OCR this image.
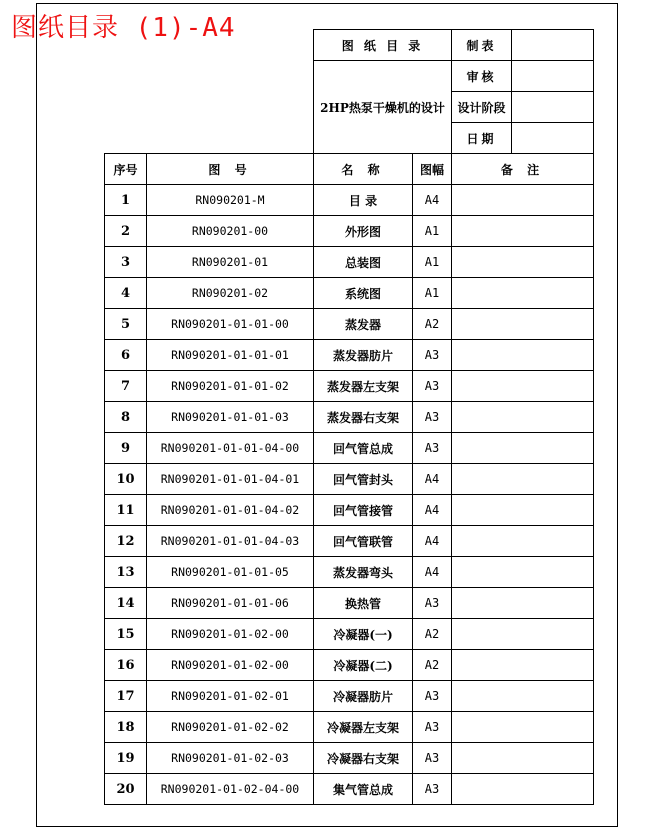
图纸目录 (1)-A4
		图 纸 目 录		制表	
		2HP热泵干燥机的设计		审核	
				设计阶段	
				日期	
序号	图 号	名 称	图幅	备 注	
1	RN090201-M	目 录	A4		
2	RN090201-00	外形图	A1		
3	RN090201-01	总装图	A1		
4	RN090201-02	系统图	A1		
5	RN090201-01-01-00	蒸发器	A2		
6	RN090201-01-01-01	蒸发器肪片	A3		
7	RN090201-01-01-02	蒸发器左支架	A3		
8	RN090201-01-01-03	蒸发器右支架	A3		
9	RN090201-01-01-04-00	回气管总成	A3		
10	RN090201-01-01-04-01	回气管封头	A4		
11	RN090201-01-01-04-02	回气管接管	A4		
12	RN090201-01-01-04-03	回气管联管	A4		
13	RN090201-01-01-05	蒸发器弯头	A4		
14	RN090201-01-01-06	换热管	A3		
15	RN090201-01-02-00	冷凝器(一)	A2		
16	RN090201-01-02-00	冷凝器(二)	A2		
17	RN090201-01-02-01	冷凝器肪片	A3		
18	RN090201-01-02-02	冷凝器左支架	A3		
19	RN090201-01-02-03	冷凝器右支架	A3		
20	RN090201-01-02-04-00	集气管总成	A3		
